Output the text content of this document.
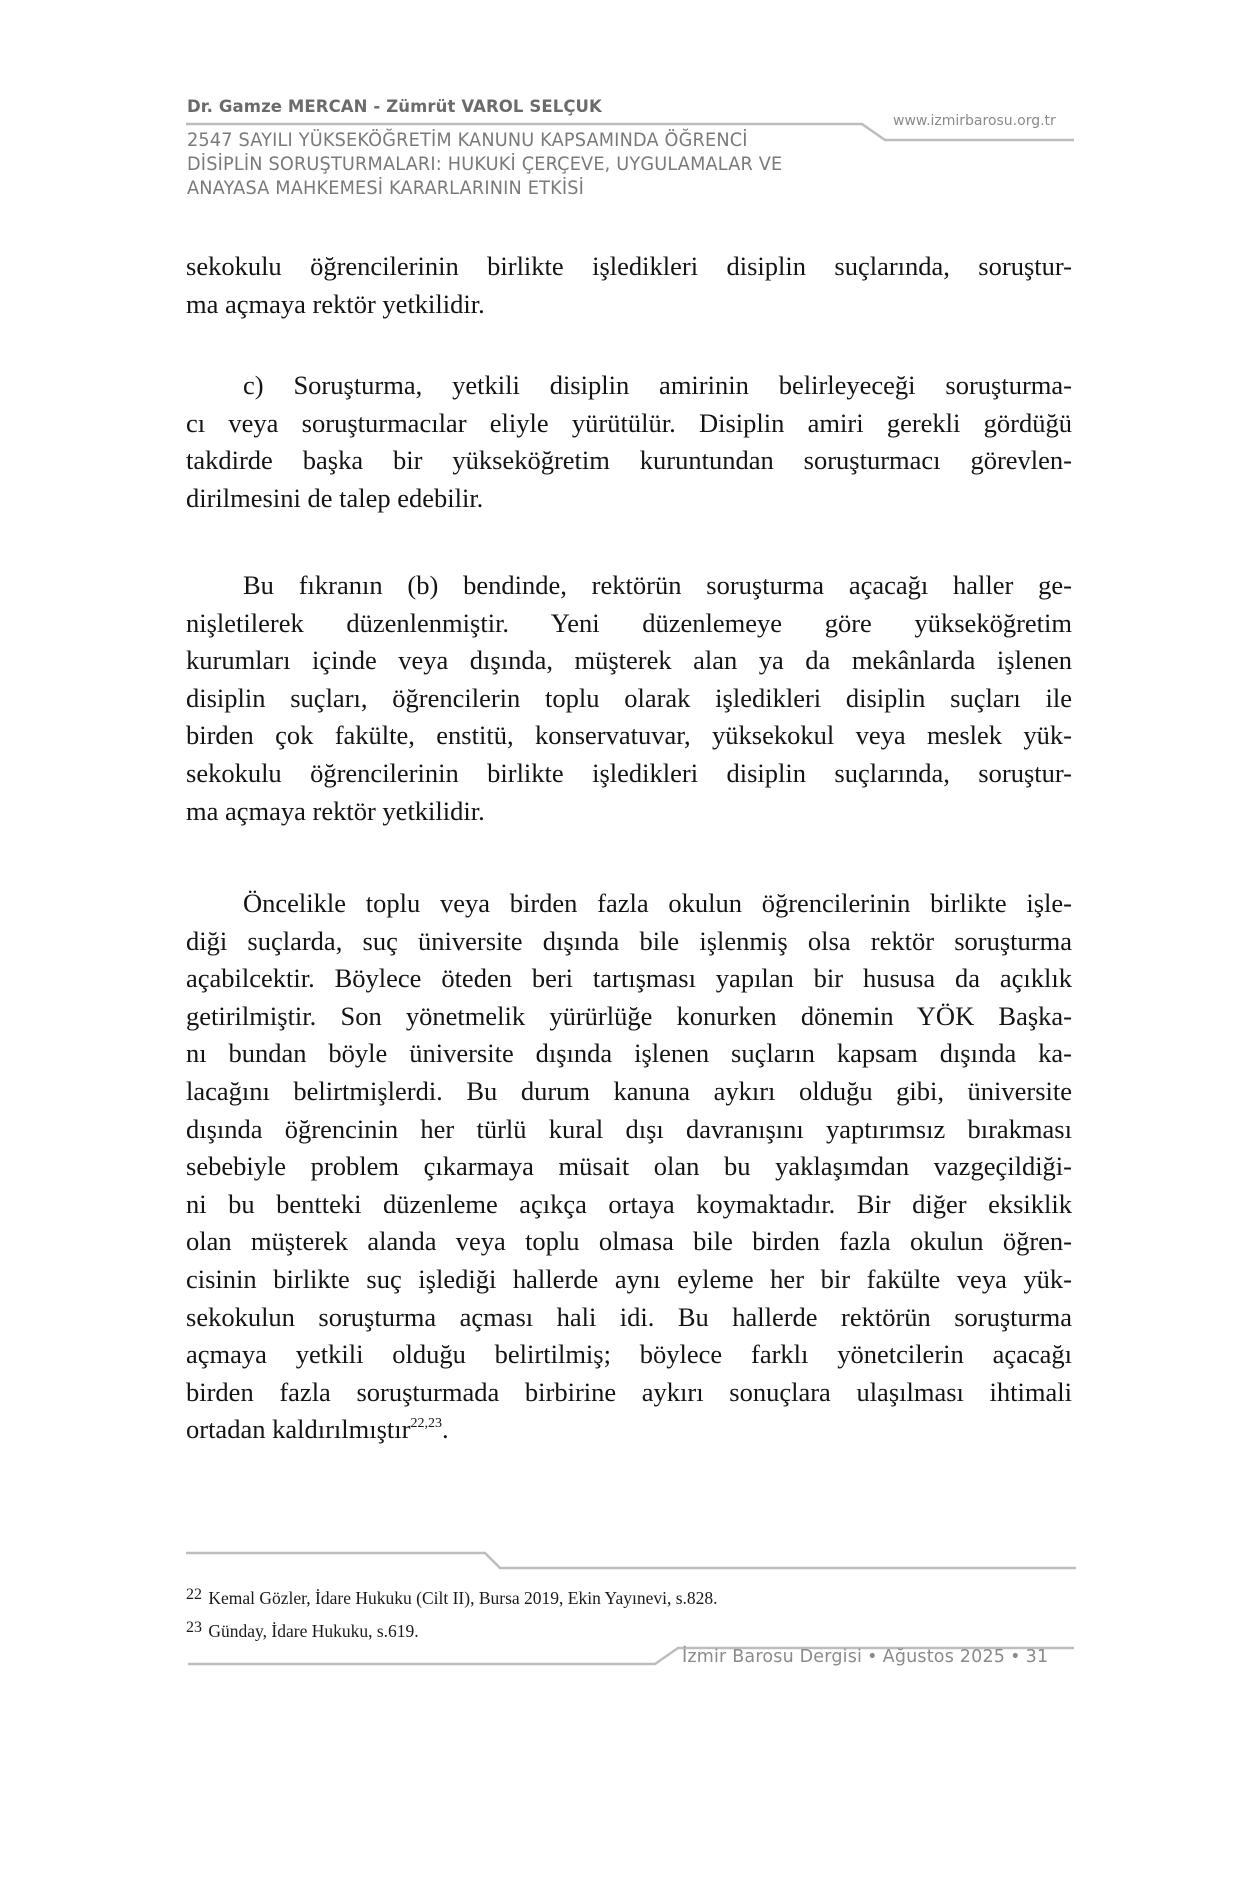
Dr. Gamze MERCAN - Zümrüt VAROL SELÇUK
www.izmirbarosu.org.tr
2547 SAYILI YÜKSEKÖĞRETİM KANUNU KAPSAMINDA ÖĞRENCİ
DİSİPLİN SORUŞTURMALARI: HUKUKİ ÇERÇEVE, UYGULAMALAR VE
ANAYASA MAHKEMESİ KARARLARININ ETKİSİ
sekokulu öğrencilerinin birlikte işledikleri disiplin suçlarında, soruştur-
ma açmaya rektör yetkilidir.
c) Soruşturma, yetkili disiplin amirinin belirleyeceği soruşturma-
cı veya soruşturmacılar eliyle yürütülür. Disiplin amiri gerekli gördüğü
takdirde başka bir yükseköğretim kuruntundan soruşturmacı görevlen-
dirilmesini de talep edebilir.
Bu fıkranın (b) bendinde, rektörün soruşturma açacağı haller ge-
nişletilerek düzenlenmiştir. Yeni düzenlemeye göre yükseköğretim
kurumları içinde veya dışında, müşterek alan ya da mekânlarda işlenen
disiplin suçları, öğrencilerin toplu olarak işledikleri disiplin suçları ile
birden çok fakülte, enstitü, konservatuvar, yüksekokul veya meslek yük-
sekokulu öğrencilerinin birlikte işledikleri disiplin suçlarında, soruştur-
ma açmaya rektör yetkilidir.
Öncelikle toplu veya birden fazla okulun öğrencilerinin birlikte işle-
diği suçlarda, suç üniversite dışında bile işlenmiş olsa rektör soruşturma
açabilcektir. Böylece öteden beri tartışması yapılan bir hususa da açıklık
getirilmiştir. Son yönetmelik yürürlüğe konurken dönemin YÖK Başka-
nı bundan böyle üniversite dışında işlenen suçların kapsam dışında ka-
lacağını belirtmişlerdi. Bu durum kanuna aykırı olduğu gibi, üniversite
dışında öğrencinin her türlü kural dışı davranışını yaptırımsız bırakması
sebebiyle problem çıkarmaya müsait olan bu yaklaşımdan vazgeçildiği-
ni bu bentteki düzenleme açıkça ortaya koymaktadır. Bir diğer eksiklik
olan müşterek alanda veya toplu olmasa bile birden fazla okulun öğren-
cisinin birlikte suç işlediği hallerde aynı eyleme her bir fakülte veya yük-
sekokulun soruşturma açması hali idi. Bu hallerde rektörün soruşturma
açmaya yetkili olduğu belirtilmiş; böylece farklı yönetcilerin açacağı
birden fazla soruşturmada birbirine aykırı sonuçlara ulaşılması ihtimali
ortadan kaldırılmıştır$^{22,23}$.
22 Kemal Gözler, İdare Hukuku (Cilt II), Bursa 2019, Ekin Yayınevi, s.828.
23 Günday, İdare Hukuku, s.619.
İzmir Barosu Dergisi • Ağustos 2025 • 31
